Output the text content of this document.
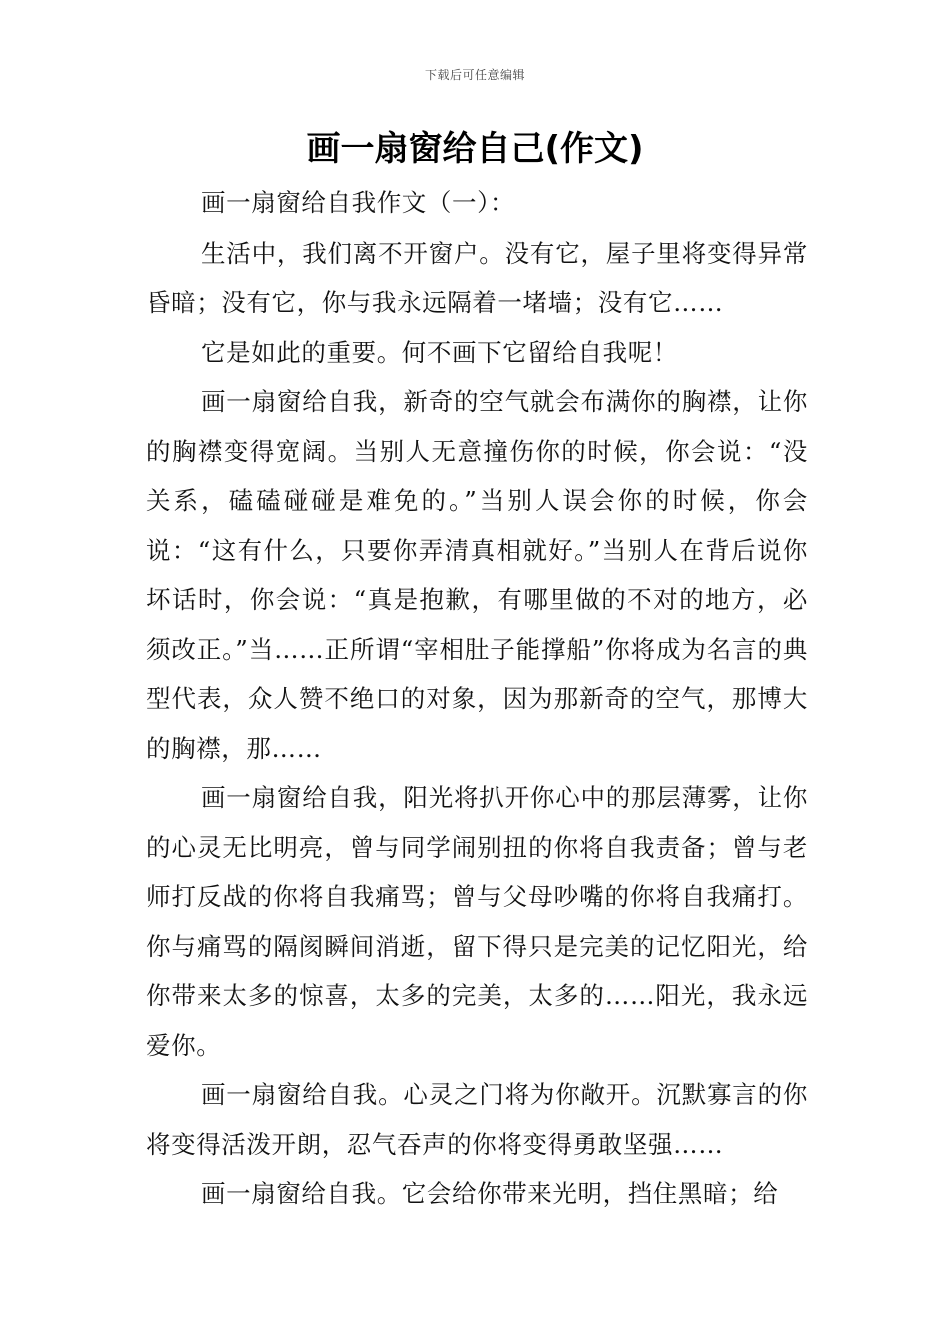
下载后可任意编辑
画一扇窗给自己(作文)

画一扇窗给自我作文（一）：

生活中，我们离不开窗户。没有它，屋子里将变得异常昏暗；没有它，你与我永远隔着一堵墙；没有它……

它是如此的重要。何不画下它留给自我呢！

画一扇窗给自我，新奇的空气就会布满你的胸襟，让你的胸襟变得宽阔。当别人无意撞伤你的时候，你会说：“没关系，磕磕碰碰是难免的。”当别人误会你的时候，你会说：“这有什么，只要你弄清真相就好。”当别人在背后说你坏话时，你会说：“真是抱歉，有哪里做的不对的地方，必须改正。”当……正所谓“宰相肚子能撑船”你将成为名言的典型代表，众人赞不绝口的对象，因为那新奇的空气，那博大的胸襟，那……

画一扇窗给自我，阳光将扒开你心中的那层薄雾，让你的心灵无比明亮，曾与同学闹别扭的你将自我责备；曾与老师打反战的你将自我痛骂；曾与父母吵嘴的你将自我痛打。你与痛骂的隔阂瞬间消逝，留下得只是完美的记忆阳光，给你带来太多的惊喜，太多的完美，太多的……阳光，我永远爱你。

画一扇窗给自我。心灵之门将为你敞开。沉默寡言的你将变得活泼开朗，忍气吞声的你将变得勇敢坚强……

画一扇窗给自我。它会给你带来光明，挡住黑暗；给
